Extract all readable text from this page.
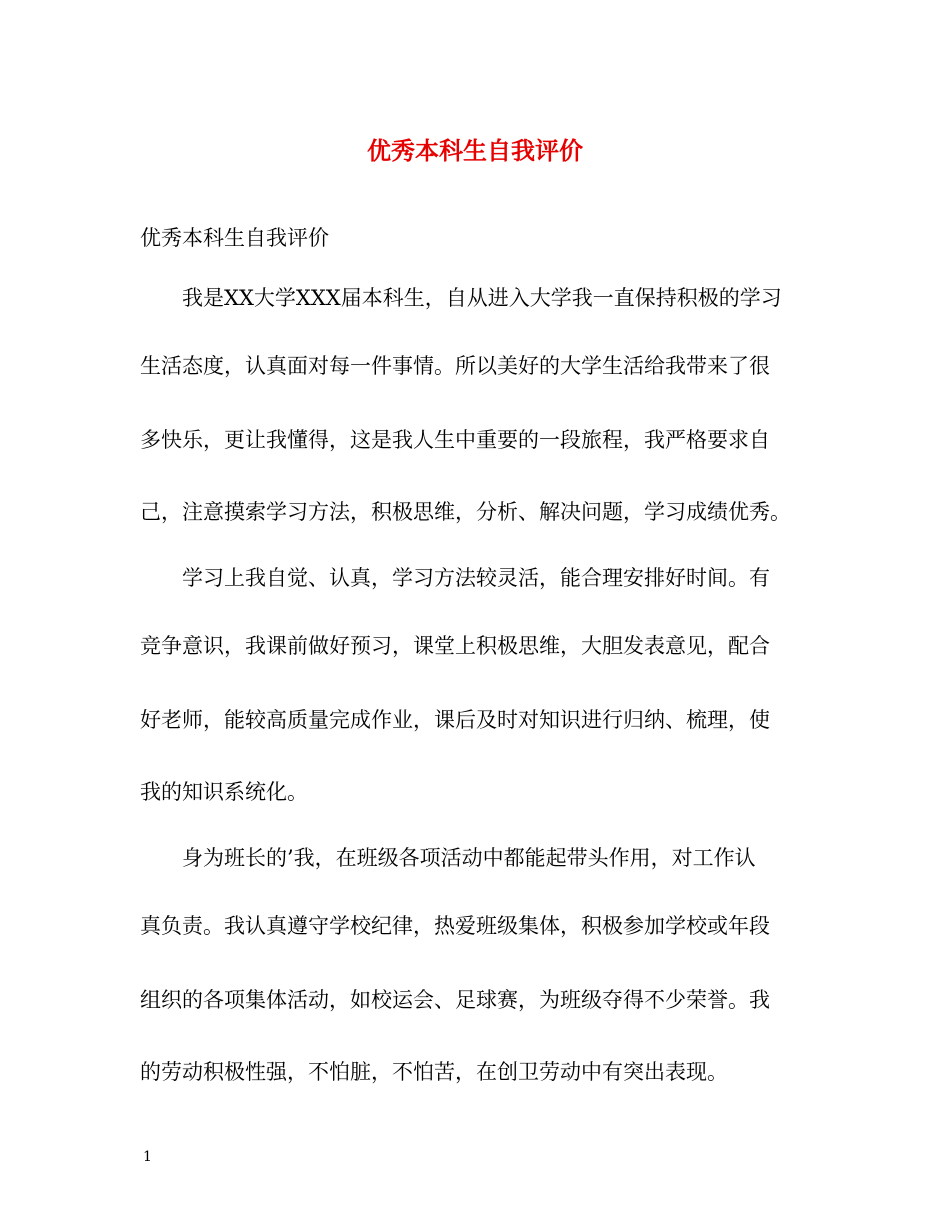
优秀本科生自我评价

优秀本科生自我评价

我是XX大学XXX届本科生，自从进入大学我一直保持积极的学习

生活态度，认真面对每一件事情。所以美好的大学生活给我带来了很

多快乐，更让我懂得，这是我人生中重要的一段旅程，我严格要求自

己，注意摸索学习方法，积极思维，分析、解决问题，学习成绩优秀。

学习上我自觉、认真，学习方法较灵活，能合理安排好时间。有

竞争意识，我课前做好预习，课堂上积极思维，大胆发表意见，配合

好老师，能较高质量完成作业，课后及时对知识进行归纳、梳理，使

我的知识系统化。

身为班长的’我，在班级各项活动中都能起带头作用，对工作认

真负责。我认真遵守学校纪律，热爱班级集体，积极参加学校或年段

组织的各项集体活动，如校运会、足球赛，为班级夺得不少荣誉。我

的劳动积极性强，不怕脏，不怕苦，在创卫劳动中有突出表现。

1
